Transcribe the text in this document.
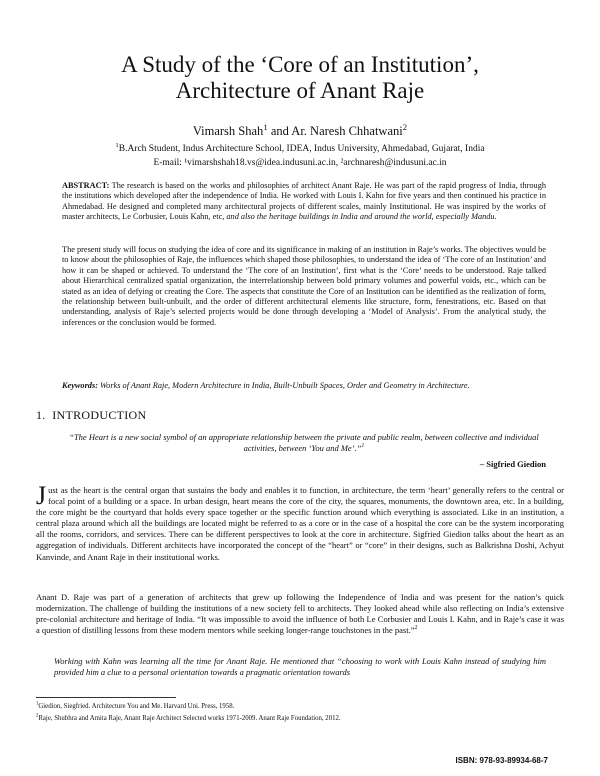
A Study of the ‘Core of an Institution’,
Architecture of Anant Raje
Vimarsh Shah$^1$ and Ar. Naresh Chhatwani$^2$
$^1$B.Arch Student, Indus Architecture School, IDEA, Indus University, Ahmedabad, Gujarat, India
E-mail: ¹vimarshshah18.vs@idea.indusuni.ac.in, ²archnaresh@indusuni.ac.in
ABSTRACT: The research is based on the works and philosophies of architect Anant Raje. He was part of the rapid progress of India, through the institutions which developed after the independence of India. He worked with Louis I. Kahn for five years and then continued his practice in Ahmedabad. He designed and completed many architectural projects of different scales, mainly Institutional. He was inspired by the works of master architects, Le Corbusier, Louis Kahn, etc, and also the heritage buildings in India and around the world, especially Mandu.
The present study will focus on studying the idea of core and its significance in making of an institution in Raje’s works. The objectives would be to know about the philosophies of Raje, the influences which shaped those philosophies, to understand the idea of ‘The core of an Institution’ and how it can be shaped or achieved. To understand the ‘The core of an Institution’, first what is the ‘Core’ needs to be understood. Raje talked about Hierarchical centralized spatial organization, the interrelationship between bold primary volumes and powerful voids, etc., which can be stated as an idea of defying or creating the Core. The aspects that constitute the Core of an Institution can be identified as the realization of form, the relationship between built-unbuilt, and the order of different architectural elements like structure, form, fenestrations, etc. Based on that understanding, analysis of Raje’s selected projects would be done through developing a ‘Model of Analysis’. From the analytical study, the inferences or the conclusion would be formed.
Keywords: Works of Anant Raje, Modern Architecture in India, Built-Unbuilt Spaces, Order and Geometry in Architecture.
1. INTRODUCTION
“The Heart is a new social symbol of an appropriate relationship between the private and public realm, between collective and individual activities, between ‘You and Me’.”$^1$
– Sigfried Giedion
Just as the heart is the central organ that sustains the body and enables it to function, in architecture, the term ‘heart’ generally refers to the central or focal point of a building or a space. In urban design, heart means the core of the city, the squares, monuments, the downtown area, etc. In a building, the core might be the courtyard that holds every space together or the specific function around which everything is associated. Like in an institution, a central plaza around which all the buildings are located might be referred to as a core or in the case of a hospital the core can be the system incorporating all the rooms, corridors, and services. There can be different perspectives to look at the core in architecture. Sigfried Giedion talks about the heart as an aggregation of individuals. Different architects have incorporated the concept of the “heart” or “core” in their designs, such as Balkrishna Doshi, Achyut Kanvinde, and Anant Raje in their institutional works.
Anant D. Raje was part of a generation of architects that grew up following the Independence of India and was present for the nation’s quick modernization. The challenge of building the institutions of a new society fell to architects. They looked ahead while also reflecting on India’s extensive pre-colonial architecture and heritage of India. “It was impossible to avoid the influence of both Le Corbusier and Louis I. Kahn, and in Raje’s case it was a question of distilling lessons from these modern mentors while seeking longer-range touchstones in the past.”$^2$
Working with Kahn was learning all the time for Anant Raje. He mentioned that “choosing to work with Louis Kahn instead of studying him provided him a clue to a personal orientation towards a pragmatic orientation towards
$^1$Giedion, Siegfried. Architecture You and Me. Harvard Uni. Press, 1958.
$^2$Raje, Shubhra and Amita Raje, Anant Raje Architect Selected works 1971-2009. Anant Raje Foundation, 2012.
ISBN: 978-93-89934-68-7
